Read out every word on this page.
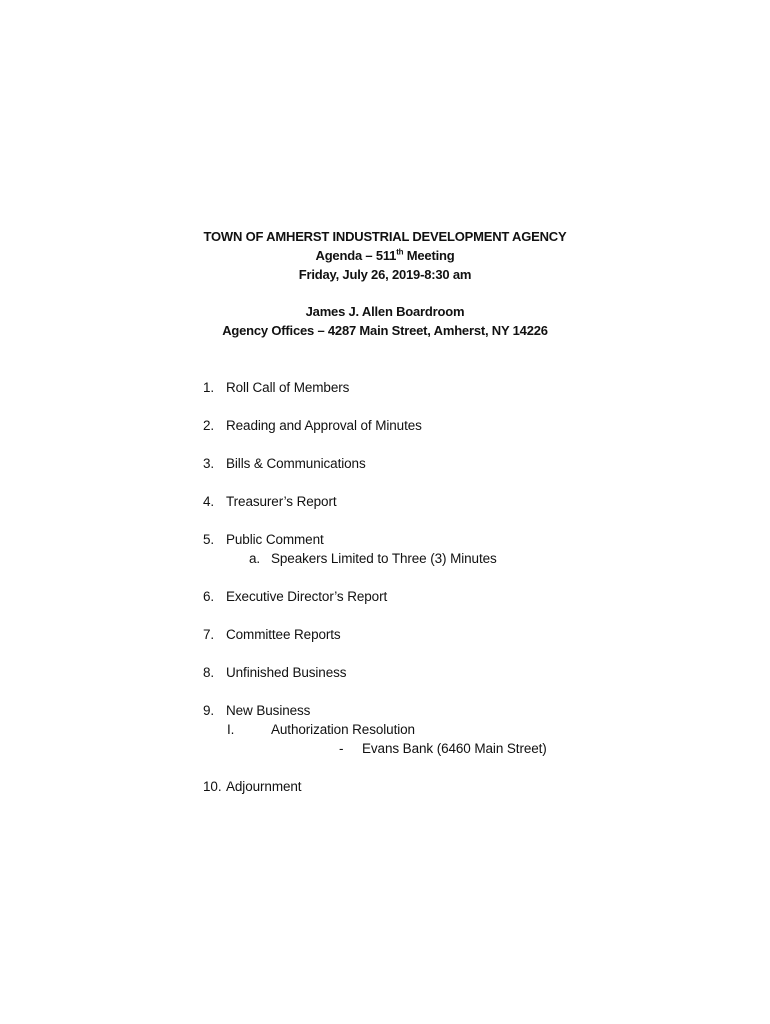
TOWN OF AMHERST INDUSTRIAL DEVELOPMENT AGENCY
Agenda – 511th Meeting
Friday, July 26, 2019-8:30 am
James J. Allen Boardroom
Agency Offices – 4287 Main Street, Amherst, NY 14226
1. Roll Call of Members
2. Reading and Approval of Minutes
3. Bills & Communications
4. Treasurer’s Report
5. Public Comment
a. Speakers Limited to Three (3) Minutes
6. Executive Director’s Report
7. Committee Reports
8. Unfinished Business
9. New Business
I.	Authorization Resolution
- Evans Bank (6460 Main Street)
10. Adjournment
